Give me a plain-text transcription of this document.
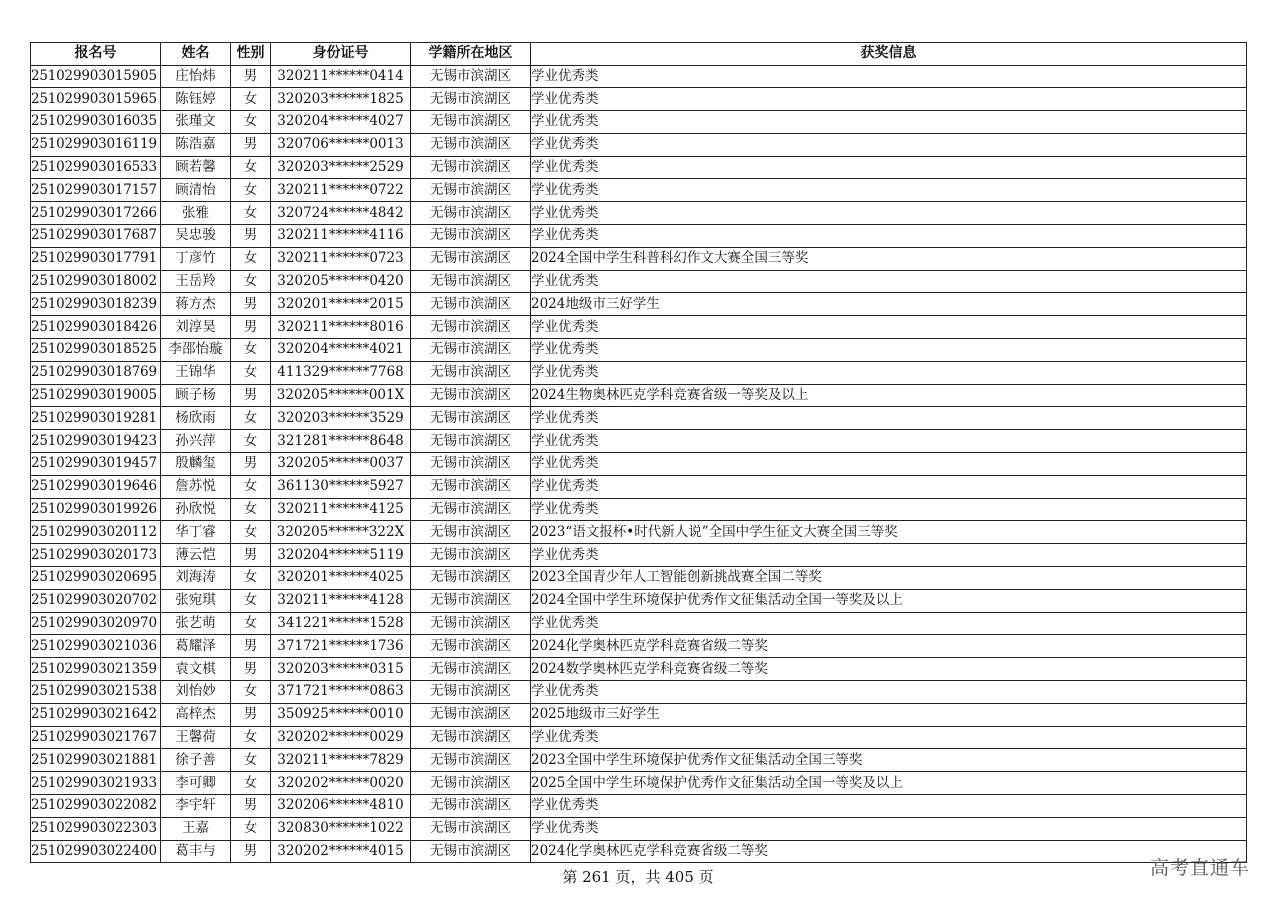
报名号	姓名	性别	身份证号	学籍所在地区	获奖信息
251029903015905	庄怡炜	男	320211******0414	无锡市滨湖区	学业优秀类
251029903015965	陈钰婷	女	320203******1825	无锡市滨湖区	学业优秀类
251029903016035	张瑾文	女	320204******4027	无锡市滨湖区	学业优秀类
251029903016119	陈浩嘉	男	320706******0013	无锡市滨湖区	学业优秀类
251029903016533	顾若馨	女	320203******2529	无锡市滨湖区	学业优秀类
251029903017157	顾清怡	女	320211******0722	无锡市滨湖区	学业优秀类
251029903017266	张雅	女	320724******4842	无锡市滨湖区	学业优秀类
251029903017687	吴忠骏	男	320211******4116	无锡市滨湖区	学业优秀类
251029903017791	丁彦竹	女	320211******0723	无锡市滨湖区	2024全国中学生科普科幻作文大赛全国三等奖
251029903018002	王岳羚	女	320205******0420	无锡市滨湖区	学业优秀类
251029903018239	蒋方杰	男	320201******2015	无锡市滨湖区	2024地级市三好学生
251029903018426	刘淳昊	男	320211******8016	无锡市滨湖区	学业优秀类
251029903018525	李邵怡璇	女	320204******4021	无锡市滨湖区	学业优秀类
251029903018769	王锦华	女	411329******7768	无锡市滨湖区	学业优秀类
251029903019005	顾子杨	男	320205******001X	无锡市滨湖区	2024生物奥林匹克学科竞赛省级一等奖及以上
251029903019281	杨欣雨	女	320203******3529	无锡市滨湖区	学业优秀类
251029903019423	孙兴萍	女	321281******8648	无锡市滨湖区	学业优秀类
251029903019457	殷麟玺	男	320205******0037	无锡市滨湖区	学业优秀类
251029903019646	詹苏悦	女	361130******5927	无锡市滨湖区	学业优秀类
251029903019926	孙欣悦	女	320211******4125	无锡市滨湖区	学业优秀类
251029903020112	华丁睿	女	320205******322X	无锡市滨湖区	2023“语文报杯•时代新人说”全国中学生征文大赛全国三等奖
251029903020173	薄云恺	男	320204******5119	无锡市滨湖区	学业优秀类
251029903020695	刘海涛	女	320201******4025	无锡市滨湖区	2023全国青少年人工智能创新挑战赛全国二等奖
251029903020702	张宛琪	女	320211******4128	无锡市滨湖区	2024全国中学生环境保护优秀作文征集活动全国一等奖及以上
251029903020970	张艺萌	女	341221******1528	无锡市滨湖区	学业优秀类
251029903021036	葛耀泽	男	371721******1736	无锡市滨湖区	2024化学奥林匹克学科竞赛省级二等奖
251029903021359	袁文棋	男	320203******0315	无锡市滨湖区	2024数学奥林匹克学科竞赛省级二等奖
251029903021538	刘怡妙	女	371721******0863	无锡市滨湖区	学业优秀类
251029903021642	高梓杰	男	350925******0010	无锡市滨湖区	2025地级市三好学生
251029903021767	王馨荷	女	320202******0029	无锡市滨湖区	学业优秀类
251029903021881	徐子善	女	320211******7829	无锡市滨湖区	2023全国中学生环境保护优秀作文征集活动全国三等奖
251029903021933	李可卿	女	320202******0020	无锡市滨湖区	2025全国中学生环境保护优秀作文征集活动全国一等奖及以上
251029903022082	李宇轩	男	320206******4810	无锡市滨湖区	学业优秀类
251029903022303	王嘉	女	320830******1022	无锡市滨湖区	学业优秀类
251029903022400	葛丰与	男	320202******4015	无锡市滨湖区	2024化学奥林匹克学科竞赛省级二等奖
第 261 页，共 405 页	高考直通车
